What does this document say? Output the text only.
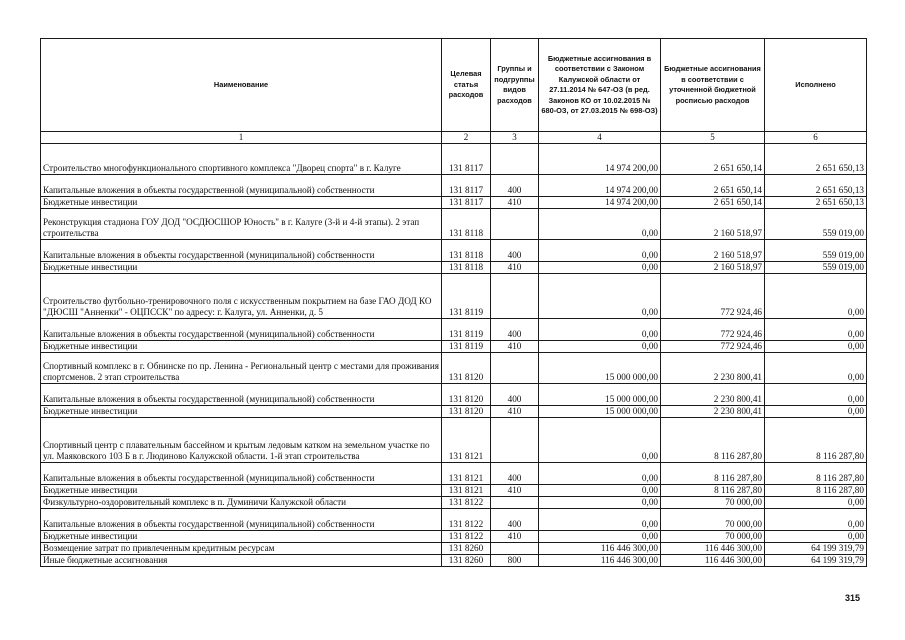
Наименование	Целевая статья расходов	Группы и подгруппы видов расходов	Бюджетные ассигнования в соответствии с Законом Калужской области от 27.11.2014 № 647-ОЗ (в ред. Законов КО от 10.02.2015 № 680-ОЗ, от 27.03.2015 № 698-ОЗ)	Бюджетные ассигнования в соответствии с уточненной бюджетной росписью расходов	Исполнено
1	2	3	4	5	6
Строительство многофункционального спортивного комплекса "Дворец спорта" в г. Калуге	131 8117		14 974 200,00	2 651 650,14	2 651 650,13
Капитальные вложения в объекты государственной (муниципальной) собственности	131 8117	400	14 974 200,00	2 651 650,14	2 651 650,13
Бюджетные инвестиции	131 8117	410	14 974 200,00	2 651 650,14	2 651 650,13
Реконструкция стадиона ГОУ ДОД "ОСДЮСШОР Юность" в г. Калуге (3-й и 4-й этапы). 2 этап строительства	131 8118		0,00	2 160 518,97	559 019,00
Капитальные вложения в объекты государственной (муниципальной) собственности	131 8118	400	0,00	2 160 518,97	559 019,00
Бюджетные инвестиции	131 8118	410	0,00	2 160 518,97	559 019,00
Строительство футбольно-тренировочного поля с искусственным покрытием на базе ГАО ДОД КО "ДЮСШ "Анненки" - ОЦПССК" по адресу: г. Калуга, ул. Анненки, д. 5	131 8119		0,00	772 924,46	0,00
Капитальные вложения в объекты государственной (муниципальной) собственности	131 8119	400	0,00	772 924,46	0,00
Бюджетные инвестиции	131 8119	410	0,00	772 924,46	0,00
Спортивный комплекс в г. Обнинске по пр. Ленина - Региональный центр с местами для проживания спортсменов. 2 этап строительства	131 8120		15 000 000,00	2 230 800,41	0,00
Капитальные вложения в объекты государственной (муниципальной) собственности	131 8120	400	15 000 000,00	2 230 800,41	0,00
Бюджетные инвестиции	131 8120	410	15 000 000,00	2 230 800,41	0,00
Спортивный центр с плавательным бассейном и крытым ледовым катком на земельном участке по ул. Маяковского 103 Б в г. Людиново Калужской области. 1-й этап строительства	131 8121		0,00	8 116 287,80	8 116 287,80
Капитальные вложения в объекты государственной (муниципальной) собственности	131 8121	400	0,00	8 116 287,80	8 116 287,80
Бюджетные инвестиции	131 8121	410	0,00	8 116 287,80	8 116 287,80
Физкультурно-оздоровительный комплекс в п. Думиничи Калужской области	131 8122		0,00	70 000,00	0,00
Капитальные вложения в объекты государственной (муниципальной) собственности	131 8122	400	0,00	70 000,00	0,00
Бюджетные инвестиции	131 8122	410	0,00	70 000,00	0,00
Возмещение затрат по привлеченным кредитным ресурсам	131 8260		116 446 300,00	116 446 300,00	64 199 319,79
Иные бюджетные ассигнования	131 8260	800	116 446 300,00	116 446 300,00	64 199 319,79
315
